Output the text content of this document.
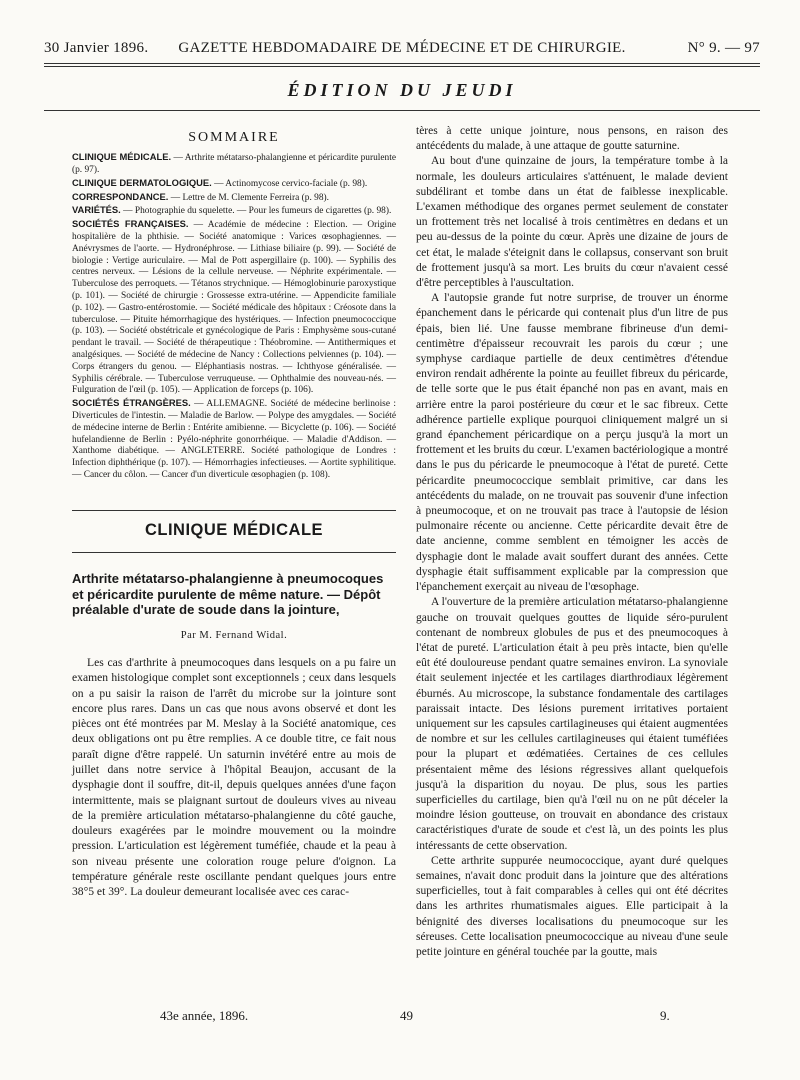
30 Janvier 1896.	GAZETTE HEBDOMADAIRE DE MÉDECINE ET DE CHIRURGIE.	N° 9. — 97
ÉDITION DU JEUDI
SOMMAIRE

CLINIQUE MÉDICALE. — Arthrite métatarso-phalangienne et péricardite purulente (p. 97).

CLINIQUE DERMATOLOGIQUE. — Actinomycose cervico-faciale (p. 98).

CORRESPONDANCE. — Lettre de M. Clemente Ferreira (p. 98).

VARIÉTÉS. — Photographie du squelette. — Pour les fumeurs de cigarettes (p. 98).

SOCIÉTÉS FRANÇAISES. — Académie de médecine : Election. — Origine hospitalière de la phthisie. — Société anatomique : Varices œsophagiennes. — Anévrysmes de l'aorte. — Hydronéphrose. — Lithiase biliaire (p. 99). — Société de biologie : Vertige auriculaire. — Mal de Pott aspergillaire (p. 100). — Syphilis des centres nerveux. — Lésions de la cellule nerveuse. — Néphrite expérimentale. — Tuberculose des perroquets. — Tétanos strychnique. — Hémoglobinurie paroxystique (p. 101). — Société de chirurgie : Grossesse extra-utérine. — Appendicite familiale (p. 102). — Gastro-entérostomie. — Société médicale des hôpitaux : Créosote dans la tuberculose. — Pituite hémorrhagique des hystériques. — Infection pneumococcique (p. 103). — Société obstétricale et gynécologique de Paris : Emphysème sous-cutané pendant le travail. — Société de thérapeutique : Théobromine. — Antithermiques et analgésiques. — Société de médecine de Nancy : Collections pelviennes (p. 104). — Corps étrangers du genou. — Eléphantiasis nostras. — Ichthyose généralisée. — Syphilis cérébrale. — Tuberculose verruqueuse. — Ophthalmie des nouveau-nés. — Fulguration de l'œil (p. 105). — Application de forceps (p. 106).

SOCIÉTÉS ÉTRANGÈRES. — ALLEMAGNE. Société de médecine berlinoise : Diverticules de l'intestin. — Maladie de Barlow. — Polype des amygdales. — Société de médecine interne de Berlin : Entérite amibienne. — Bicyclette (p. 106). — Société hufelandienne de Berlin : Pyélo-néphrite gonorrhéique. — Maladie d'Addison. — Xanthome diabétique. — ANGLETERRE. Société pathologique de Londres : Infection diphthérique (p. 107). — Hémorrhagies infectieuses. — Aortite syphilitique. — Cancer du côlon. — Cancer d'un diverticule œsophagien (p. 108).

CLINIQUE MÉDICALE
Arthrite métatarso-phalangienne à pneumocoques et péricardite purulente de même nature. — Dépôt préalable d'urate de soude dans la jointure,
Par M. Fernand Widal.

Les cas d'arthrite à pneumocoques dans lesquels on a pu faire un examen histologique complet sont exceptionnels ; ceux dans lesquels on a pu saisir la raison de l'arrêt du microbe sur la jointure sont encore plus rares. Dans un cas que nous avons observé et dont les pièces ont été montrées par M. Meslay à la Société anatomique, ces deux obligations ont pu être remplies. A ce double titre, ce fait nous paraît digne d'être rappelé. Un saturnin invétéré entre au mois de juillet dans notre service à l'hôpital Beaujon, accusant de la dysphagie dont il souffre, dit-il, depuis quelques années d'une façon intermittente, mais se plaignant surtout de douleurs vives au niveau de la première articulation métatarso-phalangienne du côté gauche, douleurs exagérées par le moindre mouvement ou la moindre pression. L'articulation est légèrement tuméfiée, chaude et la peau à son niveau présente une coloration rouge pelure d'oignon. La température générale reste oscillante pendant quelques jours entre 38°5 et 39°. La douleur demeurant localisée avec ces carac-

tères à cette unique jointure, nous pensons, en raison des antécédents du malade, à une attaque de goutte saturnine.

Au bout d'une quinzaine de jours, la température tombe à la normale, les douleurs articulaires s'atténuent, le malade devient subdélirant et tombe dans un état de faiblesse inexplicable. L'examen méthodique des organes permet seulement de constater un frottement très net localisé à trois centimètres en dedans et un peu au-dessus de la pointe du cœur. Après une dizaine de jours de cet état, le malade s'éteignit dans le collapsus, conservant son bruit de frottement jusqu'à sa mort. Les bruits du cœur n'avaient cessé d'être perceptibles à l'auscultation.

A l'autopsie grande fut notre surprise, de trouver un énorme épanchement dans le péricarde qui contenait plus d'un litre de pus épais, bien lié. Une fausse membrane fibrineuse d'un demi-centimètre d'épaisseur recouvrait les parois du cœur ; une symphyse cardiaque partielle de deux centimètres d'étendue environ rendait adhérente la pointe au feuillet fibreux du péricarde, de telle sorte que le pus était épanché non pas en avant, mais en arrière entre la paroi postérieure du cœur et le sac fibreux. Cette adhérence partielle explique pourquoi cliniquement malgré un si grand épanchement péricardique on a perçu jusqu'à la mort un frottement et les bruits du cœur. L'examen bactériologique a montré dans le pus du péricarde le pneumocoque à l'état de pureté. Cette péricardite pneumococcique semblait primitive, car dans les antécédents du malade, on ne trouvait pas souvenir d'une infection à pneumocoque, et on ne trouvait pas trace à l'autopsie de lésion pulmonaire récente ou ancienne. Cette péricardite devait être de date ancienne, comme semblent en témoigner les accès de dysphagie dont le malade avait souffert durant des années. Cette dysphagie était suffisamment explicable par la compression que l'épanchement exerçait au niveau de l'œsophage.

A l'ouverture de la première articulation métatarso-phalangienne gauche on trouvait quelques gouttes de liquide séro-purulent contenant de nombreux globules de pus et des pneumocoques à l'état de pureté. L'articulation était à peu près intacte, bien qu'elle eût été douloureuse pendant quatre semaines environ. La synoviale était seulement injectée et les cartilages diarthrodiaux légèrement éburnés. Au microscope, la substance fondamentale des cartilages paraissait intacte. Des lésions purement irritatives portaient uniquement sur les capsules cartilagineuses qui étaient augmentées de nombre et sur les cellules cartilagineuses qui étaient tuméfiées pour la plupart et œdématiées. Certaines de ces cellules présentaient même des lésions régressives allant quelquefois jusqu'à la disparition du noyau. De plus, sous les parties superficielles du cartilage, bien qu'à l'œil nu on ne pût déceler la moindre lésion goutteuse, on trouvait en abondance des cristaux caractéristiques d'urate de soude et c'est là, un des points les plus intéressants de cette observation.

Cette arthrite suppurée neumococcique, ayant duré quelques semaines, n'avait donc produit dans la jointure que des altérations superficielles, tout à fait comparables à celles qui ont été décrites dans les arthrites rhumatismales aigues. Elle participait à la bénignité des diverses localisations du pneumocoque sur les séreuses. Cette localisation pneumococcique au niveau d'une seule petite jointure en général touchée par la goutte, mais

43e année, 1896.	49	9.
